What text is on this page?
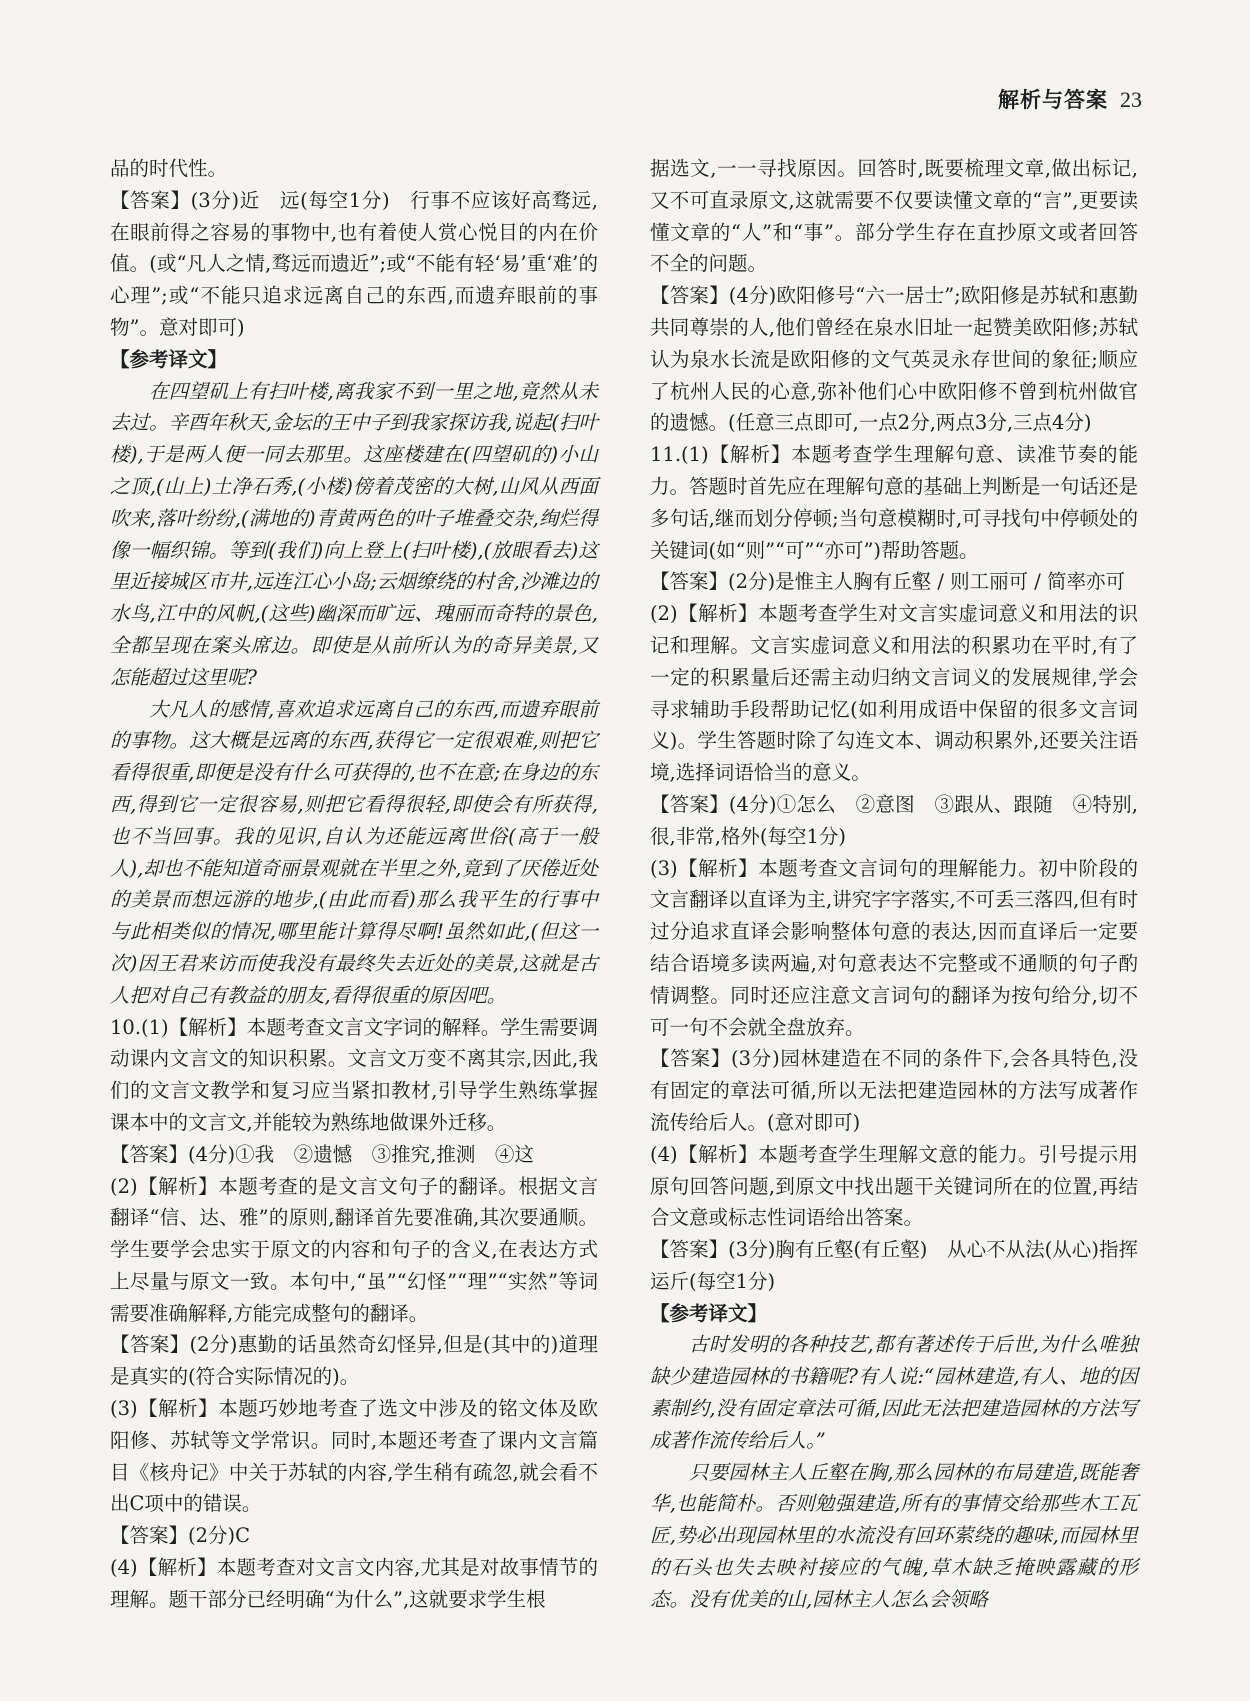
解析与答案 23

品的时代性。

【答案】(3分)近　远(每空1分)　行事不应该好高骛远,在眼前得之容易的事物中,也有着使人赏心悦目的内在价值。(或“凡人之情,骛远而遗近”;或“不能有轻‘易’重‘难’的心理”;或“不能只追求远离自己的东西,而遗弃眼前的事物”。意对即可)

【参考译文】

在四望矶上有扫叶楼,离我家不到一里之地,竟然从未去过。辛酉年秋天,金坛的王中子到我家探访我,说起(扫叶楼),于是两人便一同去那里。这座楼建在(四望矶的)小山之顶,(山上)土净石秀,(小楼)傍着茂密的大树,山风从西面吹来,落叶纷纷,(满地的)青黄两色的叶子堆叠交杂,绚烂得像一幅织锦。等到(我们)向上登上(扫叶楼),(放眼看去)这里近接城区市井,远连江心小岛;云烟缭绕的村舍,沙滩边的水鸟,江中的风帆,(这些)幽深而旷远、瑰丽而奇特的景色,全都呈现在案头席边。即使是从前所认为的奇异美景,又怎能超过这里呢?

大凡人的感情,喜欢追求远离自己的东西,而遗弃眼前的事物。这大概是远离的东西,获得它一定很艰难,则把它看得很重,即便是没有什么可获得的,也不在意;在身边的东西,得到它一定很容易,则把它看得很轻,即使会有所获得,也不当回事。我的见识,自认为还能远离世俗(高于一般人),却也不能知道奇丽景观就在半里之外,竟到了厌倦近处的美景而想远游的地步,(由此而看)那么我平生的行事中与此相类似的情况,哪里能计算得尽啊!虽然如此,(但这一次)因王君来访而使我没有最终失去近处的美景,这就是古人把对自己有教益的朋友,看得很重的原因吧。

10.(1)【解析】本题考查文言文字词的解释。学生需要调动课内文言文的知识积累。文言文万变不离其宗,因此,我们的文言文教学和复习应当紧扣教材,引导学生熟练掌握课本中的文言文,并能较为熟练地做课外迁移。

【答案】(4分)①我　②遗憾　③推究,推测　④这

(2)【解析】本题考查的是文言文句子的翻译。根据文言翻译“信、达、雅”的原则,翻译首先要准确,其次要通顺。学生要学会忠实于原文的内容和句子的含义,在表达方式上尽量与原文一致。本句中,“虽”“幻怪”“理”“实然”等词需要准确解释,方能完成整句的翻译。

【答案】(2分)惠勤的话虽然奇幻怪异,但是(其中的)道理是真实的(符合实际情况的)。

(3)【解析】本题巧妙地考查了选文中涉及的铭文体及欧阳修、苏轼等文学常识。同时,本题还考查了课内文言篇目《核舟记》中关于苏轼的内容,学生稍有疏忽,就会看不出C项中的错误。

【答案】(2分)C

(4)【解析】本题考查对文言文内容,尤其是对故事情节的理解。题干部分已经明确“为什么”,这就要求学生根

据选文,一一寻找原因。回答时,既要梳理文章,做出标记,又不可直录原文,这就需要不仅要读懂文章的“言”,更要读懂文章的“人”和“事”。部分学生存在直抄原文或者回答不全的问题。

【答案】(4分)欧阳修号“六一居士”;欧阳修是苏轼和惠勤共同尊崇的人,他们曾经在泉水旧址一起赞美欧阳修;苏轼认为泉水长流是欧阳修的文气英灵永存世间的象征;顺应了杭州人民的心意,弥补他们心中欧阳修不曾到杭州做官的遗憾。(任意三点即可,一点2分,两点3分,三点4分)

11.(1)【解析】本题考查学生理解句意、读准节奏的能力。答题时首先应在理解句意的基础上判断是一句话还是多句话,继而划分停顿;当句意模糊时,可寻找句中停顿处的关键词(如“则”“可”“亦可”)帮助答题。

【答案】(2分)是惟主人胸有丘壑 / 则工丽可 / 简率亦可

(2)【解析】本题考查学生对文言实虚词意义和用法的识记和理解。文言实虚词意义和用法的积累功在平时,有了一定的积累量后还需主动归纳文言词义的发展规律,学会寻求辅助手段帮助记忆(如利用成语中保留的很多文言词义)。学生答题时除了勾连文本、调动积累外,还要关注语境,选择词语恰当的意义。

【答案】(4分)①怎么　②意图　③跟从、跟随　④特别,很,非常,格外(每空1分)

(3)【解析】本题考查文言词句的理解能力。初中阶段的文言翻译以直译为主,讲究字字落实,不可丢三落四,但有时过分追求直译会影响整体句意的表达,因而直译后一定要结合语境多读两遍,对句意表达不完整或不通顺的句子酌情调整。同时还应注意文言词句的翻译为按句给分,切不可一句不会就全盘放弃。

【答案】(3分)园林建造在不同的条件下,会各具特色,没有固定的章法可循,所以无法把建造园林的方法写成著作流传给后人。(意对即可)

(4)【解析】本题考查学生理解文意的能力。引号提示用原句回答问题,到原文中找出题干关键词所在的位置,再结合文意或标志性词语给出答案。

【答案】(3分)胸有丘壑(有丘壑)　从心不从法(从心)指挥运斤(每空1分)

【参考译文】

古时发明的各种技艺,都有著述传于后世,为什么唯独缺少建造园林的书籍呢?有人说:“园林建造,有人、地的因素制约,没有固定章法可循,因此无法把建造园林的方法写成著作流传给后人。”

只要园林主人丘壑在胸,那么园林的布局建造,既能奢华,也能简朴。否则勉强建造,所有的事情交给那些木工瓦匠,势必出现园林里的水流没有回环萦绕的趣味,而园林里的石头也失去映衬接应的气魄,草木缺乏掩映露藏的形态。没有优美的山,园林主人怎么会领略
